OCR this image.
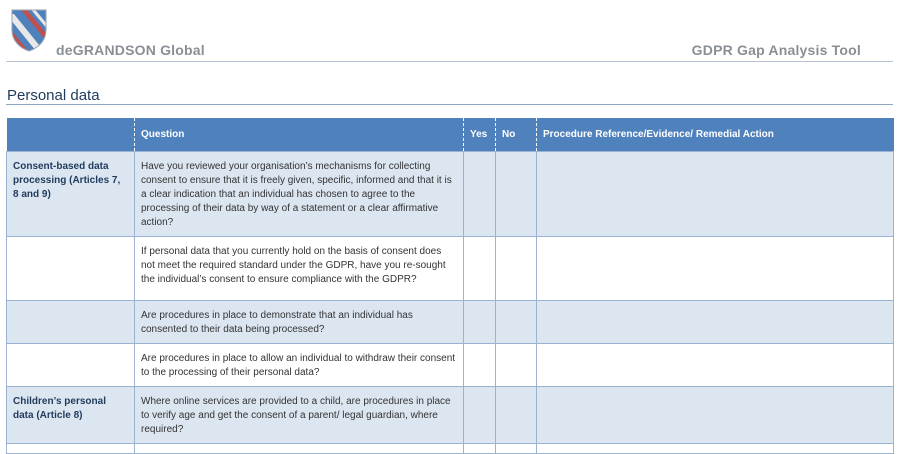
deGRANDSON Global	GDPR Gap Analysis Tool
Personal data
	Question	Yes	No	Procedure Reference/Evidence/ Remedial Action
Consent-based data processing (Articles 7, 8 and 9)	Have you reviewed your organisation’s mechanisms for collecting consent to ensure that it is freely given, specific, informed and that it is a clear indication that an individual has chosen to agree to the processing of their data by way of a statement or a clear affirmative action?			
	If personal data that you currently hold on the basis of consent does not meet the required standard under the GDPR, have you re-sought the individual’s consent to ensure compliance with the GDPR?			
	Are procedures in place to demonstrate that an individual has consented to their data being processed?			
	Are procedures in place to allow an individual to withdraw their consent to the processing of their personal data?			
Children’s personal data (Article 8)	Where online services are provided to a child, are procedures in place to verify age and get the consent of a parent/ legal guardian, where required?			
